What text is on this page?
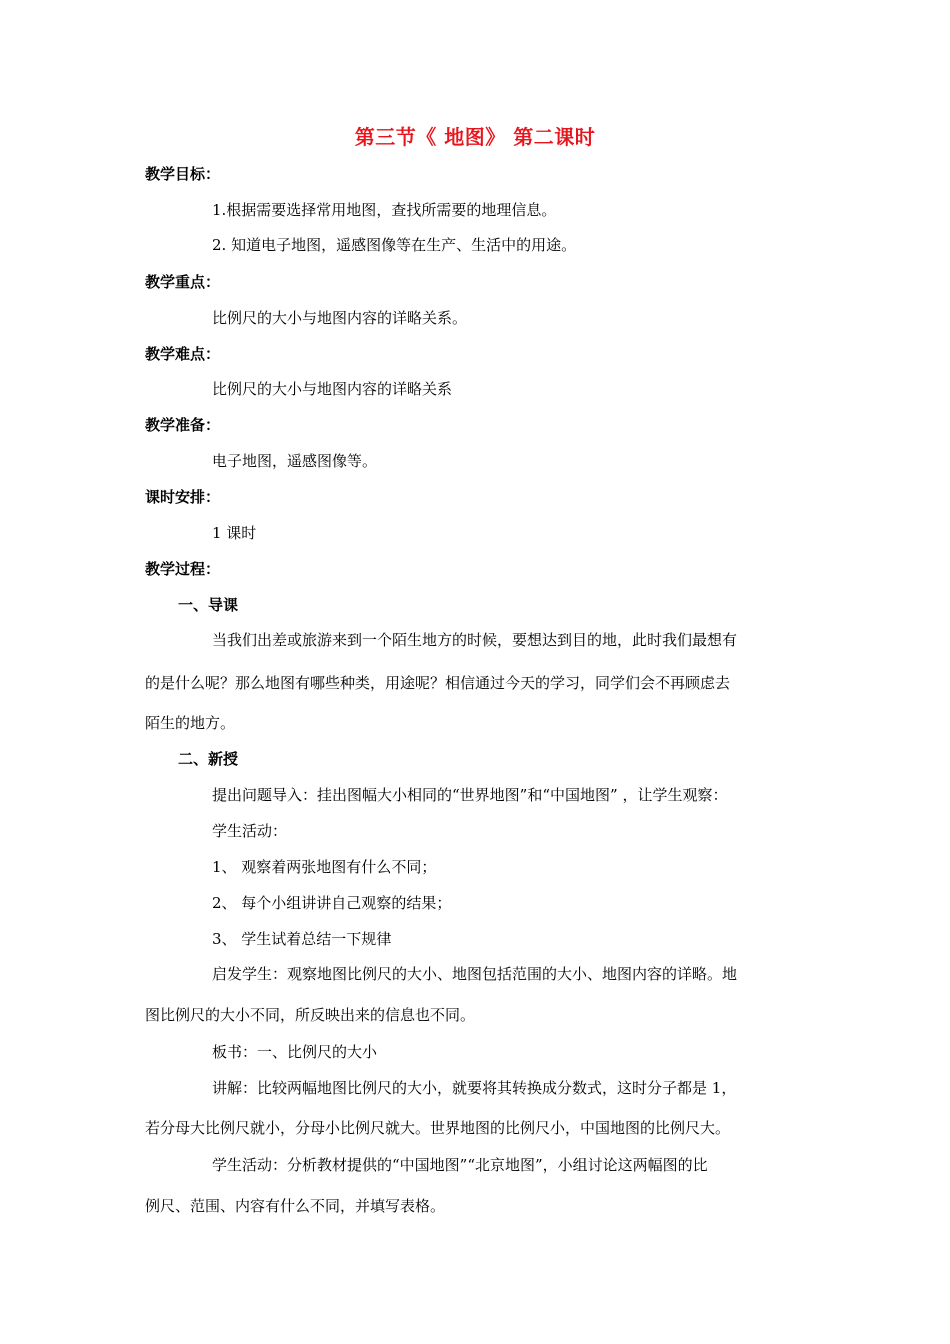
第三节《 地图》 第二课时
教学目标：
1.根据需要选择常用地图，查找所需要的地理信息。
2. 知道电子地图，遥感图像等在生产、生活中的用途。
教学重点：
比例尺的大小与地图内容的详略关系。
教学难点：
比例尺的大小与地图内容的详略关系
教学准备：
电子地图，遥感图像等。
课时安排：
1 课时
教学过程：
一、导课
当我们出差或旅游来到一个陌生地方的时候，要想达到目的地，此时我们最想有
的是什么呢？那么地图有哪些种类，用途呢？相信通过今天的学习，同学们会不再顾虑去
陌生的地方。
二、新授
提出问题导入：挂出图幅大小相同的“世界地图”和“中国地图” ，让学生观察：
学生活动：
1、 观察着两张地图有什么不同；
2、 每个小组讲讲自己观察的结果；
3、 学生试着总结一下规律
启发学生：观察地图比例尺的大小、地图包括范围的大小、地图内容的详略。地
图比例尺的大小不同，所反映出来的信息也不同。
板书：一、比例尺的大小
讲解：比较两幅地图比例尺的大小，就要将其转换成分数式，这时分子都是 1，
若分母大比例尺就小，分母小比例尺就大。世界地图的比例尺小，中国地图的比例尺大。
学生活动：分析教材提供的“中国地图”“北京地图”，小组讨论这两幅图的比
例尺、范围、内容有什么不同，并填写表格。
